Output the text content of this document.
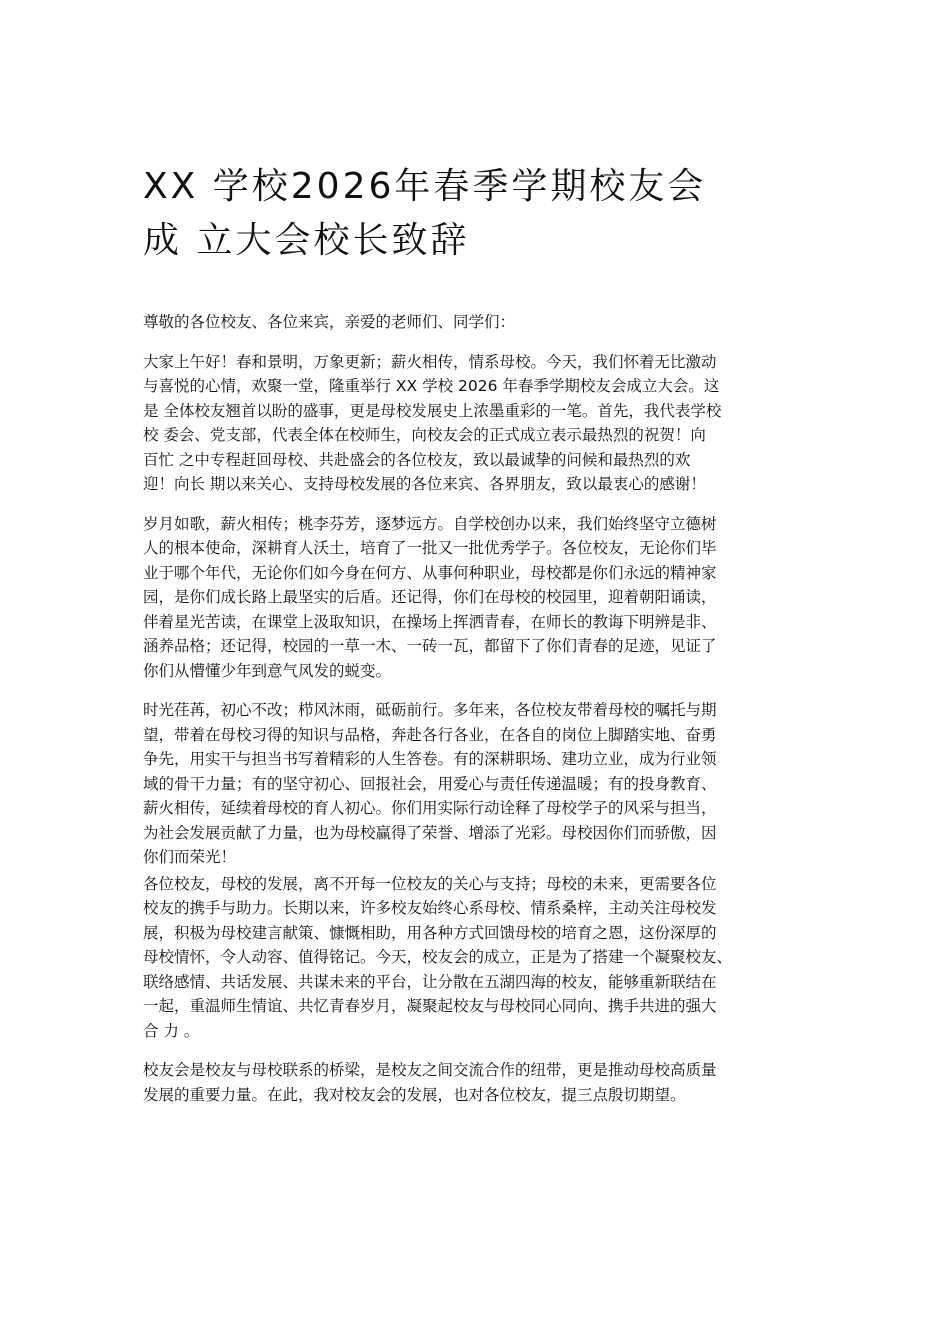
XX 学校2026年春季学期校友会
成 立大会校长致辞
尊敬的各位校友、各位来宾，亲爱的老师们、同学们：
大家上午好！春和景明，万象更新；薪火相传，情系母校。今天，我们怀着无比激动
与喜悦的心情，欢聚一堂，隆重举行 XX 学校 2026 年春季学期校友会成立大会。这
是 全体校友翘首以盼的盛事，更是母校发展史上浓墨重彩的一笔。首先，我代表学校
校 委会、党支部，代表全体在校师生，向校友会的正式成立表示最热烈的祝贺！向
百忙 之中专程赶回母校、共赴盛会的各位校友，致以最诚挚的问候和最热烈的欢
迎！向长 期以来关心、支持母校发展的各位来宾、各界朋友，致以最衷心的感谢！
岁月如歌，薪火相传；桃李芬芳，逐梦远方。自学校创办以来，我们始终坚守立德树
人的根本使命，深耕育人沃土，培育了一批又一批优秀学子。各位校友，无论你们毕
业于哪个年代，无论你们如今身在何方、从事何种职业，母校都是你们永远的精神家
园，是你们成长路上最坚实的后盾。还记得，你们在母校的校园里，迎着朝阳诵读，
伴着星光苦读，在课堂上汲取知识，在操场上挥洒青春，在师长的教诲下明辨是非、
涵养品格；还记得，校园的一草一木、一砖一瓦，都留下了你们青春的足迹，见证了
你们从懵懂少年到意气风发的蜕变。
时光荏苒，初心不改；栉风沐雨，砥砺前行。多年来，各位校友带着母校的嘱托与期
望，带着在母校习得的知识与品格，奔赴各行各业，在各自的岗位上脚踏实地、奋勇
争先，用实干与担当书写着精彩的人生答卷。有的深耕职场、建功立业，成为行业领
域的骨干力量；有的坚守初心、回报社会，用爱心与责任传递温暖；有的投身教育、
薪火相传，延续着母校的育人初心。你们用实际行动诠释了母校学子的风采与担当，
为社会发展贡献了力量，也为母校赢得了荣誉、增添了光彩。母校因你们而骄傲，因
你们而荣光！
各位校友，母校的发展，离不开每一位校友的关心与支持；母校的未来，更需要各位
校友的携手与助力。长期以来，许多校友始终心系母校、情系桑梓，主动关注母校发
展，积极为母校建言献策、慷慨相助，用各种方式回馈母校的培育之恩，这份深厚的
母校情怀，令人动容、值得铭记。今天，校友会的成立，正是为了搭建一个凝聚校友、
联络感情、共话发展、共谋未来的平台，让分散在五湖四海的校友，能够重新联结在
一起，重温师生情谊、共忆青春岁月，凝聚起校友与母校同心同向、携手共进的强大
合 力 。
校友会是校友与母校联系的桥梁，是校友之间交流合作的纽带，更是推动母校高质量
发展的重要力量。在此，我对校友会的发展，也对各位校友，提三点殷切期望。
